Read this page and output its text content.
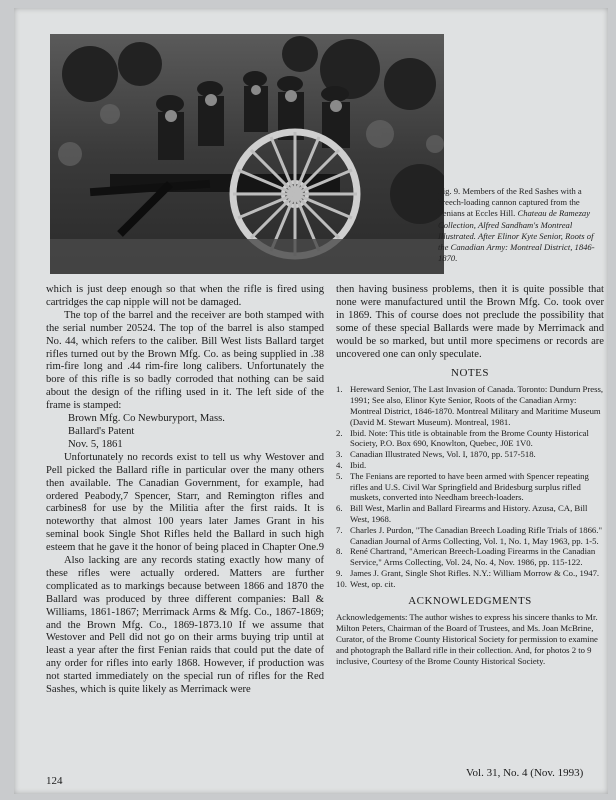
Fig. 9. Members of the Red Sashes with a breech-loading cannon captured from the Fenians at Eccles Hill. Chateau de Ramezay Collection, Alfred Sandham's Montreal Illustrated. After Elinor Kyte Senior, Roots of the Canadian Army: Montreal District, 1846-1870.

which is just deep enough so that when the rifle is fired using cartridges the cap nipple will not be damaged.

The top of the barrel and the receiver are both stamped with the serial number 20524. The top of the barrel is also stamped No. 44, which refers to the caliber. Bill West lists Ballard target rifles turned out by the Brown Mfg. Co. as being supplied in .38 rim-fire long and .44 rim-fire long calibers. Unfortunately the bore of this rifle is so badly corroded that nothing can be said about the design of the rifling used in it. The left side of the frame is stamped:

Brown Mfg. Co Newburyport, Mass.
Ballard's Patent
Nov. 5, 1861

Unfortunately no records exist to tell us why Westover and Pell picked the Ballard rifle in particular over the many others then available. The Canadian Government, for example, had ordered Peabody,7 Spencer, Starr, and Remington rifles and carbines8 for use by the Militia after the first raids. It is noteworthy that almost 100 years later James Grant in his seminal book Single Shot Rifles held the Ballard in such high esteem that he gave it the honor of being placed in Chapter One.9

Also lacking are any records stating exactly how many of these rifles were actually ordered. Matters are further complicated as to markings because between 1866 and 1870 the Ballard was produced by three different companies: Ball & Williams, 1861-1867; Merrimack Arms & Mfg. Co., 1867-1869; and the Brown Mfg. Co., 1869-1873.10 If we assume that Westover and Pell did not go on their arms buying trip until at least a year after the first Fenian raids that could put the date of any order for rifles into early 1868. However, if production was not started immediately on the special run of rifles for the Red Sashes, which is quite likely as Merrimack were

then having business problems, then it is quite possible that none were manufactured until the Brown Mfg. Co. took over in 1869. This of course does not preclude the possibility that some of these special Ballards were made by Merrimack and would be so marked, but until more specimens or records are uncovered one can only speculate.

NOTES
1. Hereward Senior, The Last Invasion of Canada. Toronto: Dundurn Press, 1991; See also, Elinor Kyte Senior, Roots of the Canadian Army: Montreal District, 1846-1870. Montreal Military and Maritime Museum (David M. Stewart Museum). Montreal, 1981.
2. Ibid. Note: This title is obtainable from the Brome County Historical Society, P.O. Box 690, Knowlton, Quebec, J0E 1V0.
3. Canadian Illustrated News, Vol. I, 1870, pp. 517-518.
4. Ibid.
5. The Fenians are reported to have been armed with Spencer repeating rifles and U.S. Civil War Springfield and Bridesburg surplus rifled muskets, converted into Needham breech-loaders.
6. Bill West, Marlin and Ballard Firearms and History. Azusa, CA, Bill West, 1968.
7. Charles J. Purdon, "The Canadian Breech Loading Rifle Trials of 1866." Canadian Journal of Arms Collecting, Vol. 1, No. 1, May 1963, pp. 1-5.
8. René Chartrand, "American Breech-Loading Firearms in the Canadian Service," Arms Collecting, Vol. 24, No. 4, Nov. 1986, pp. 115-122.
9. James J. Grant, Single Shot Rifles. N.Y.: William Morrow & Co., 1947.
10. West, op. cit.
ACKNOWLEDGMENTS

Acknowledgements: The author wishes to express his sincere thanks to Mr. Milton Peters, Chairman of the Board of Trustees, and Ms. Joan McBrine, Curator, of the Brome County Historical Society for permission to examine and photograph the Ballard rifle in their collection. And, for photos 2 to 9 inclusive, Courtesy of the Brome County Historical Society.

124
Vol. 31, No. 4 (Nov. 1993)
